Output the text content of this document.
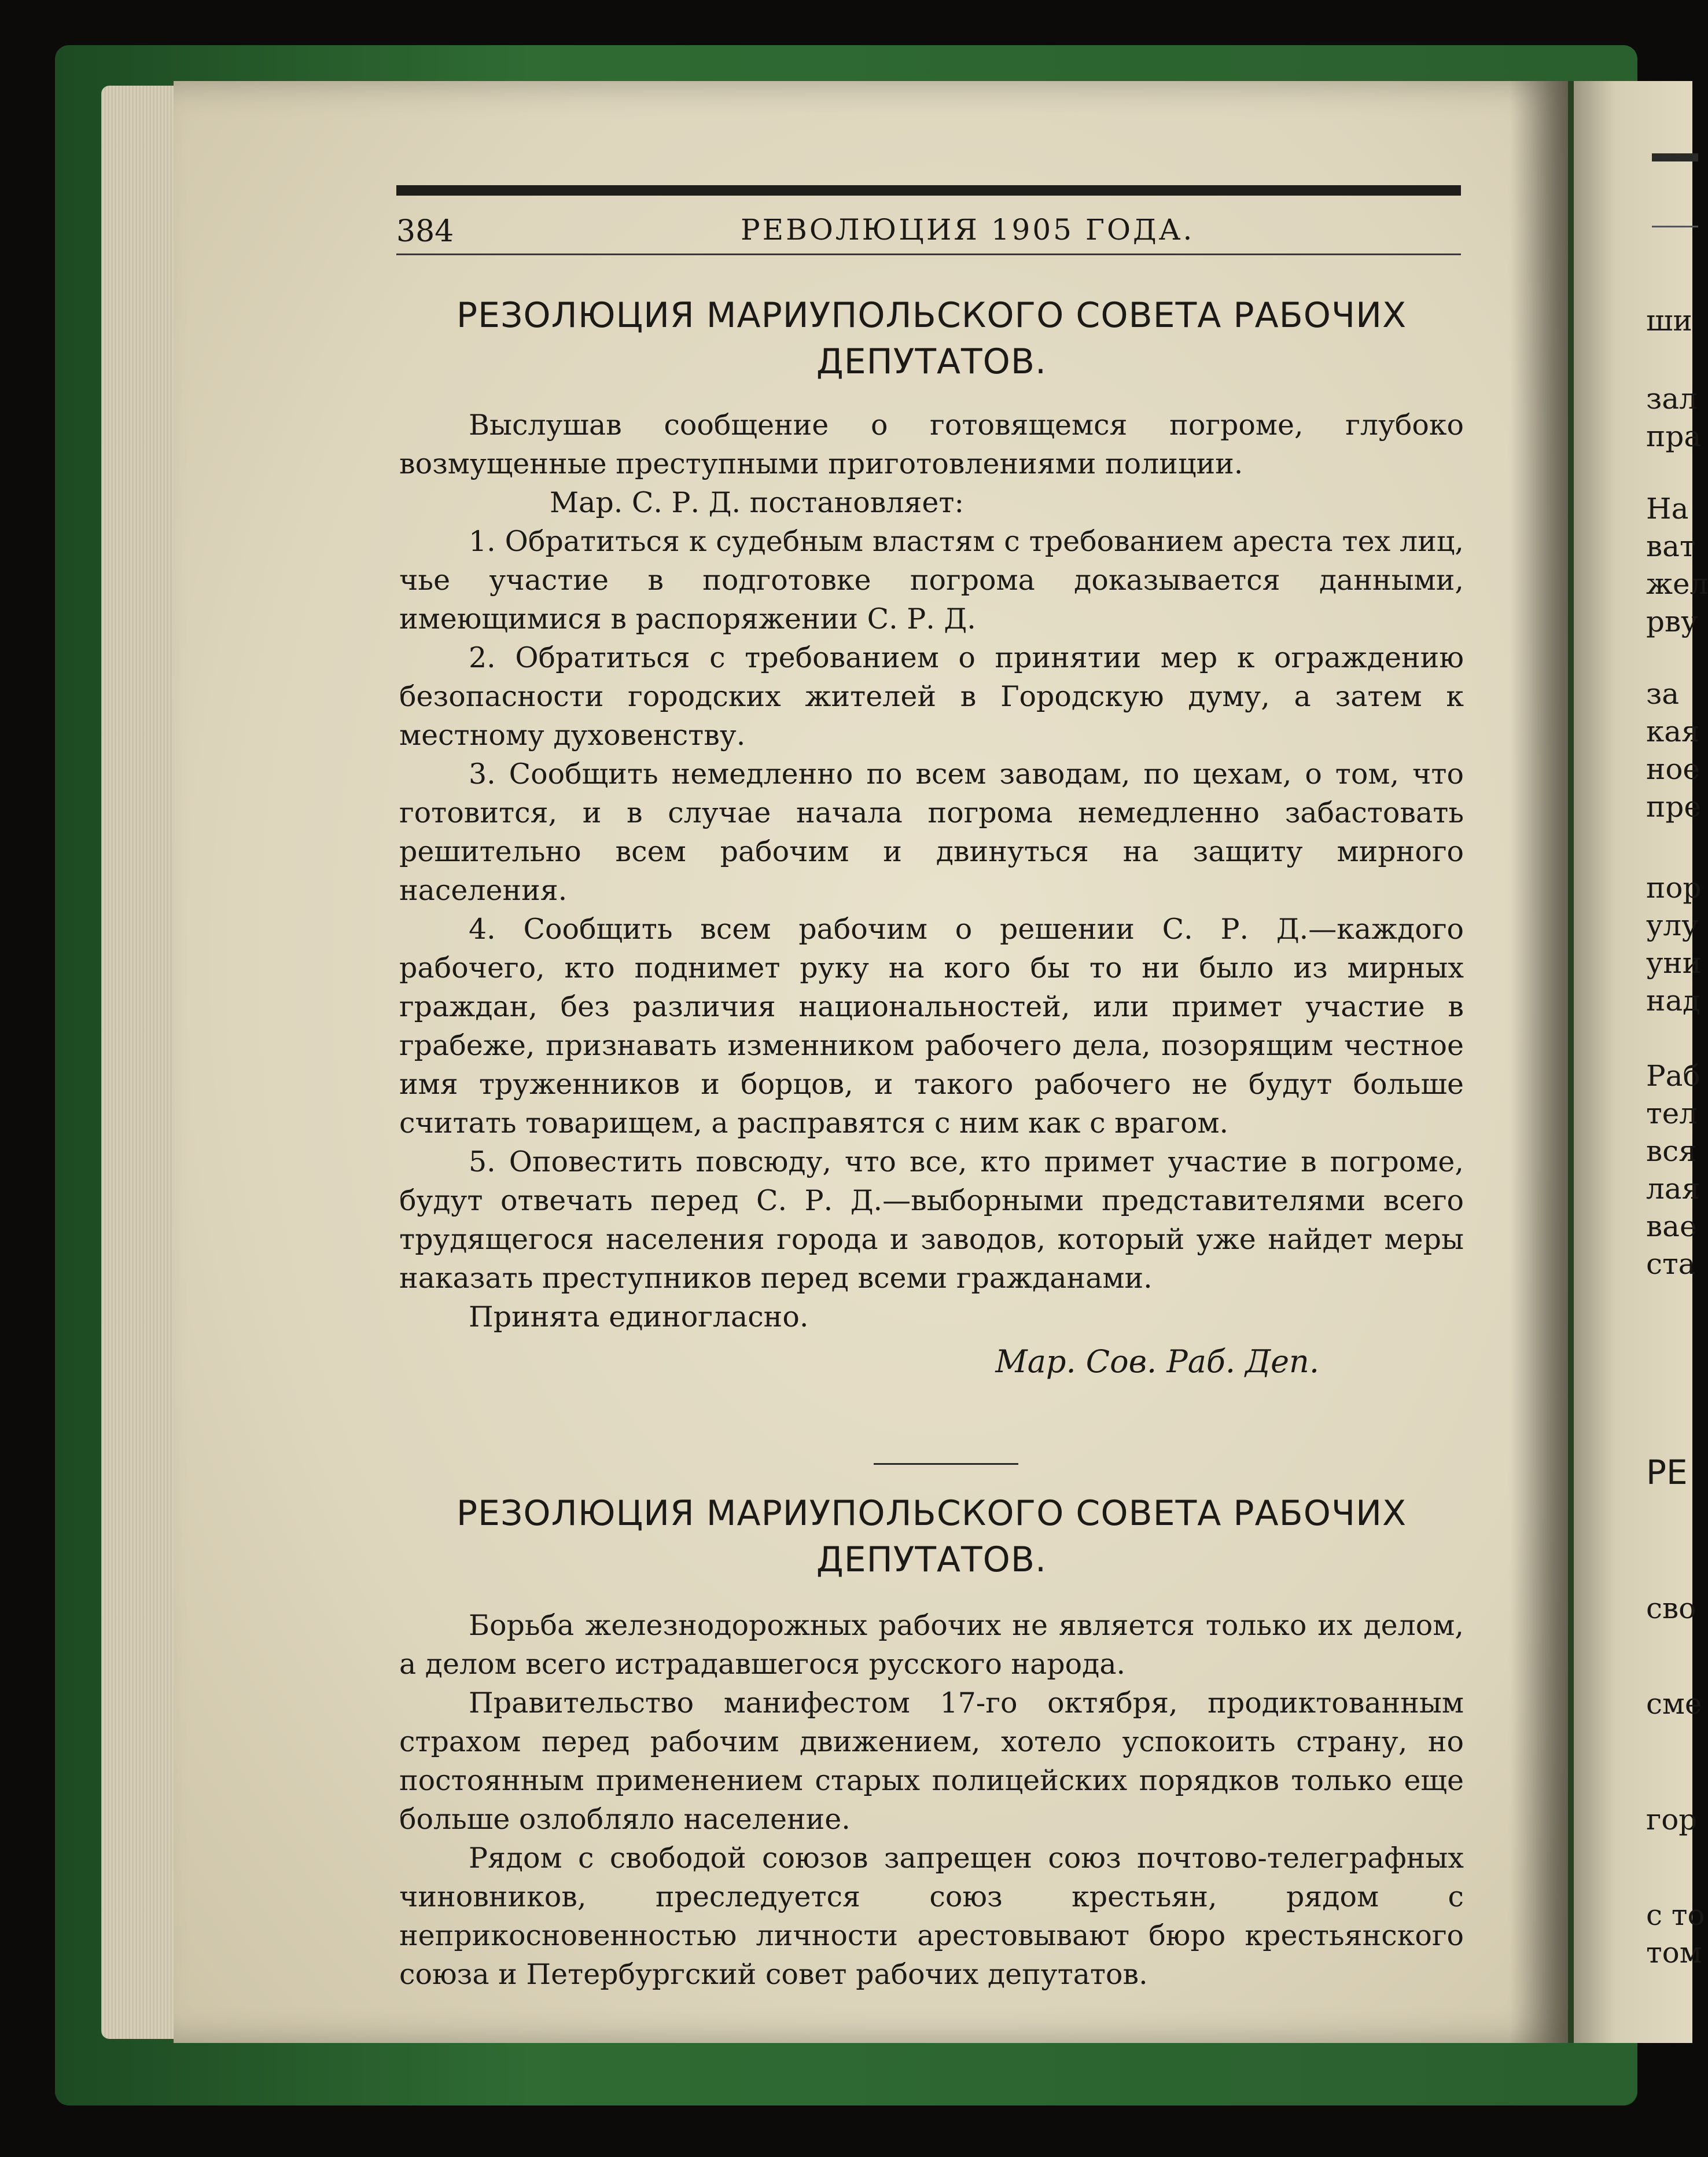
ши
зал
пра
На
ват
жел
рву
за
кая
ное
пре
пор
улу
уни
над
Раб
тел
вся
лая
вае
ста
РЕ
сво
сме
гор
с то
том
384	РЕВОЛЮЦИЯ 1905 ГОДА.
РЕЗОЛЮЦИЯ МАРИУПОЛЬСКОГО СОВЕТА РАБОЧИХ ДЕПУТАТОВ.

Выслушав сообщение о готовящемся погроме, глубоко возмущенные преступными приготовлениями полиции.

Мар. С. Р. Д. постановляет:

1. Обратиться к судебным властям с требованием ареста тех лиц, чье участие в подготовке погрома доказывается данными, имеющимися в распоряжении С. Р. Д.

2. Обратиться с требованием о принятии мер к ограждению безопасности городских жителей в Городскую думу, а затем к местному духовенству.

3. Сообщить немедленно по всем заводам, по цехам, о том, что готовится, и в случае начала погрома немедленно забастовать решительно всем рабочим и двинуться на защиту мирного населения.

4. Сообщить всем рабочим о решении С. Р. Д.—каждого рабочего, кто поднимет руку на кого бы то ни было из мирных граждан, без различия национальностей, или примет участие в грабеже, признавать изменником рабочего дела, позорящим честное имя труженников и борцов, и такого рабочего не будут больше считать товарищем, а расправятся с ним как с врагом.

5. Оповестить повсюду, что все, кто примет участие в погроме, будут отвечать перед С. Р. Д.—выборными представителями всего трудящегося населения города и заводов, который уже найдет меры наказать преступников перед всеми гражданами.

Принята единогласно.

Мар. Сов. Раб. Деп.
РЕЗОЛЮЦИЯ МАРИУПОЛЬСКОГО СОВЕТА РАБОЧИХ ДЕПУТАТОВ.

Борьба железнодорожных рабочих не является только их делом, а делом всего истрадавшегося русского народа.

Правительство манифестом 17-го октября, продиктованным страхом перед рабочим движением, хотело успокоить страну, но постоянным применением старых полицейских порядков только еще больше озлобляло население.

Рядом с свободой союзов запрещен союз почтово-телеграфных чиновников, преследуется союз крестьян, рядом с неприкосновенностью личности арестовывают бюро крестьянского союза и Петербургский совет рабочих депутатов.
